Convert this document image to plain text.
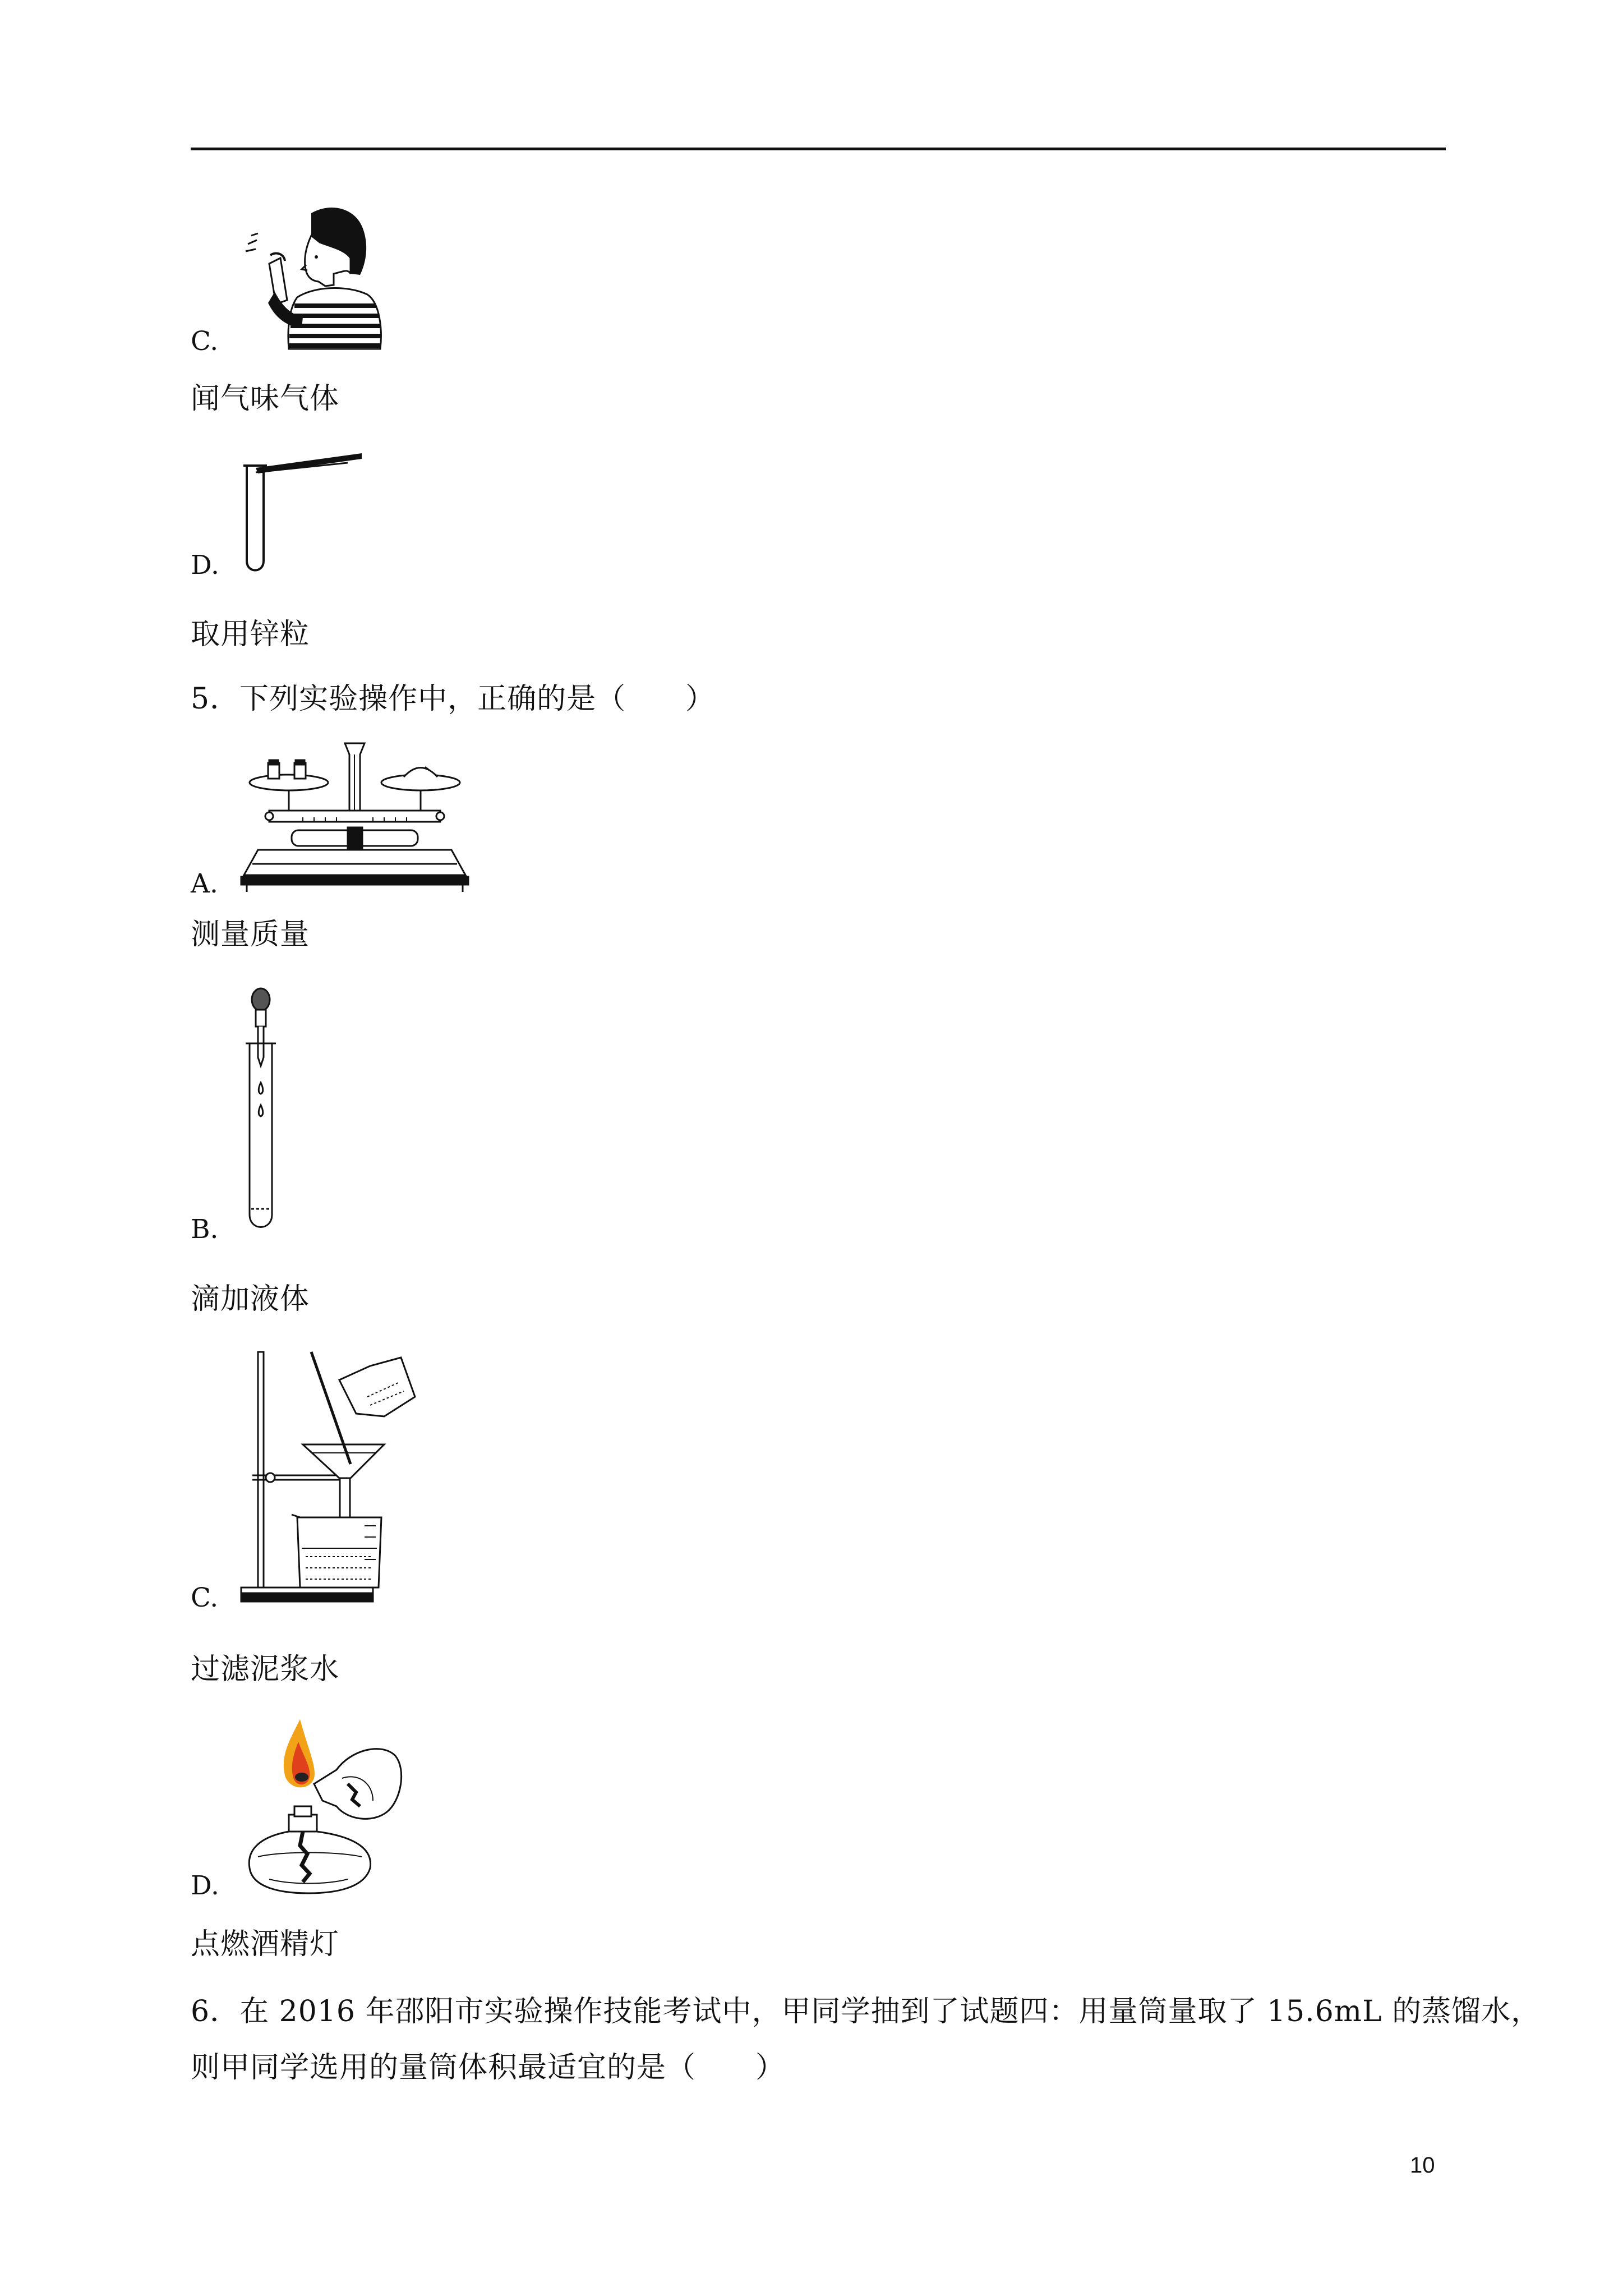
C.
闻气味气体
D.
取用锌粒
5．下列实验操作中，正确的是（　　）
A.
测量质量
B.
滴加液体
C.
过滤泥浆水
D.
点燃酒精灯
6．在 2016 年邵阳市实验操作技能考试中，甲同学抽到了试题四：用量筒量取了 15.6mL 的蒸馏水，
则甲同学选用的量筒体积最适宜的是（　　）
10
